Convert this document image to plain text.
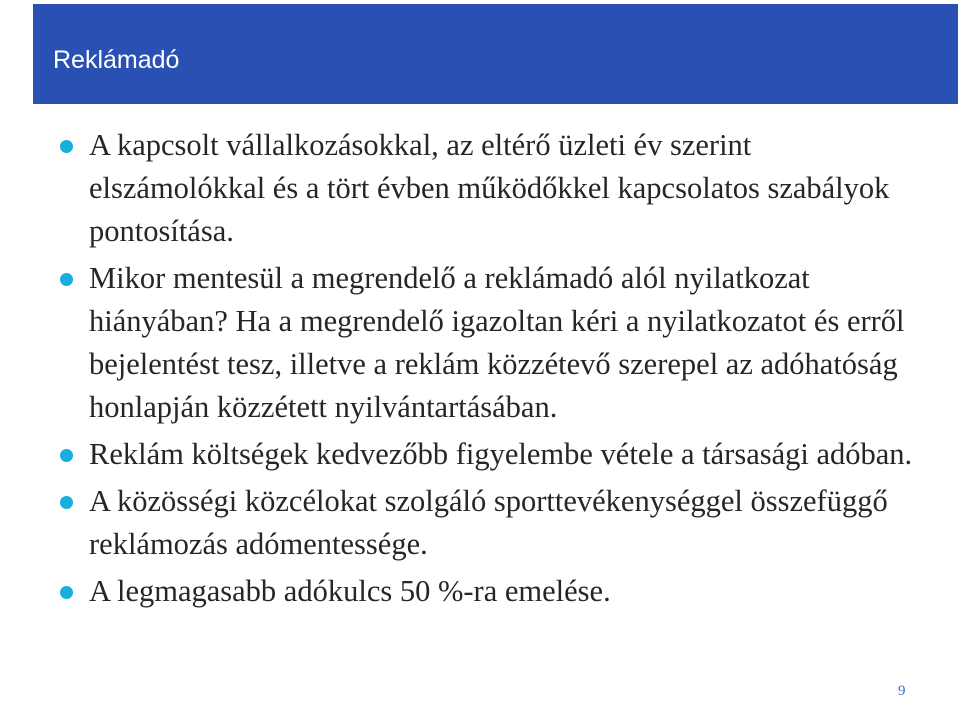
Reklámadó
A kapcsolt vállalkozásokkal, az eltérő üzleti év szerint elszámolókkal és a tört évben működőkkel kapcsolatos szabályok pontosítása.
Mikor mentesül a megrendelő a reklámadó alól nyilatkozat hiányában? Ha a megrendelő igazoltan kéri a nyilatkozatot és erről bejelentést tesz, illetve a reklám közzétevő szerepel az adóhatóság honlapján közzétett nyilvántartásában.
Reklám költségek kedvezőbb figyelembe vétele a társasági adóban.
A közösségi közcélokat szolgáló sporttevékenységgel összefüggő reklámozás adómentessége.
A legmagasabb adókulcs 50 %-ra emelése.
9
